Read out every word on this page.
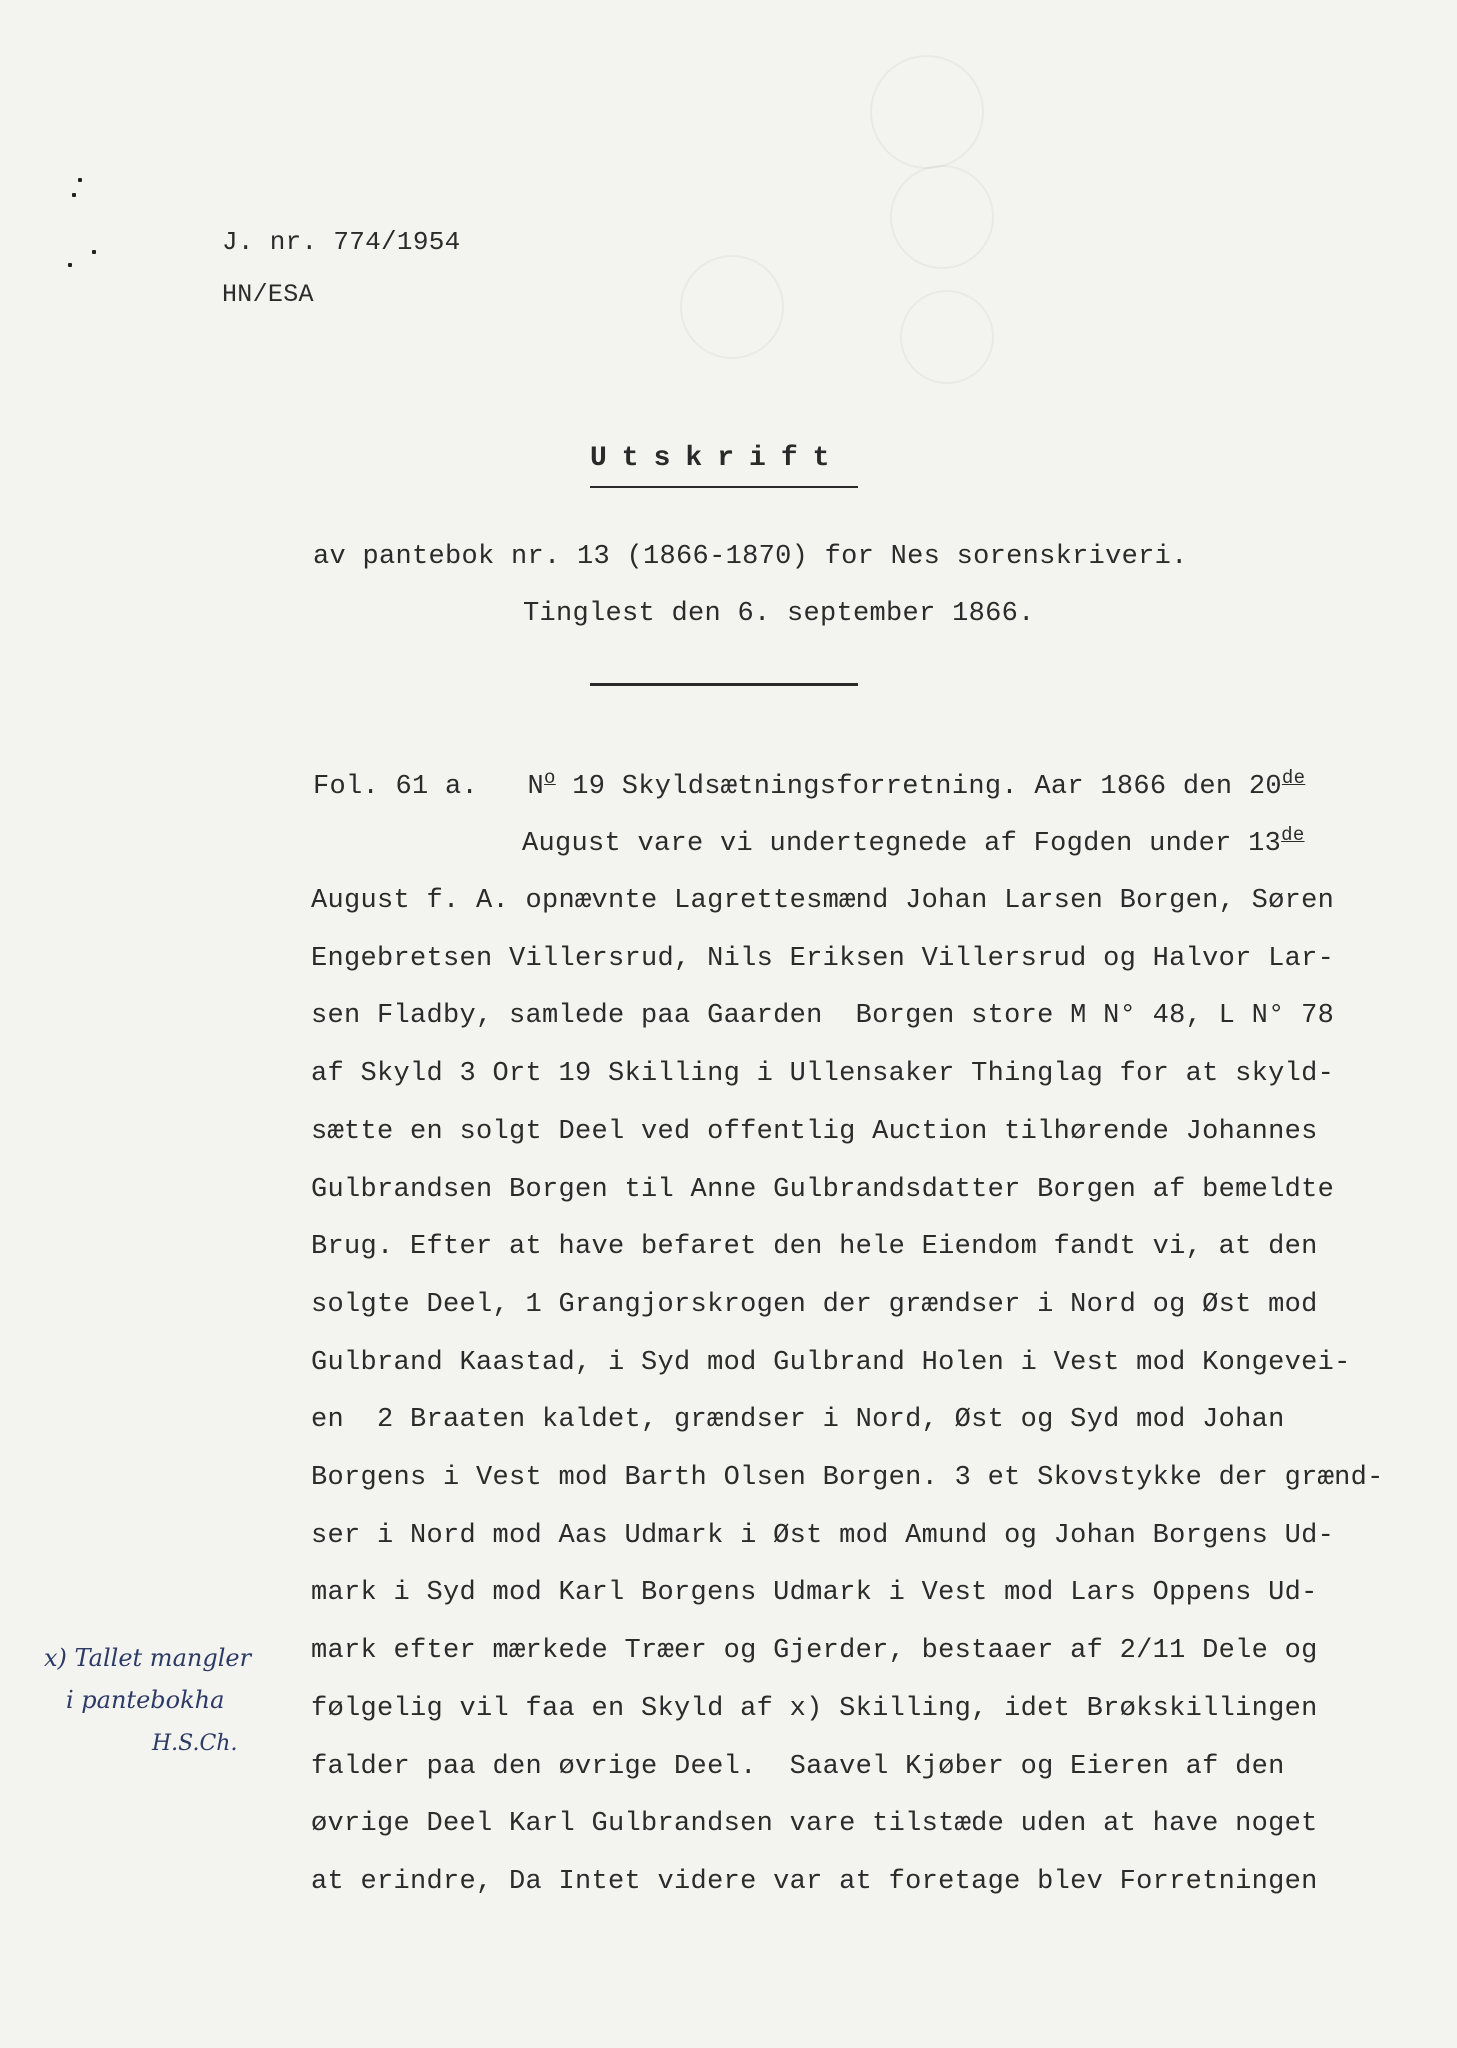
J. nr. 774/1954
HN/ESA
Utskrift
av pantebok nr. 13 (1866-1870) for Nes sorenskriveri.
Tinglest den 6. september 1866.
Fol. 61 a.   $N^o$ 19 Skyldsætningsforretning. Aar 1866 den 20de
August vare vi undertegnede af Fogden under 13de
August f. A. opnævnte Lagrettesmænd Johan Larsen Borgen, Søren
Engebretsen Villersrud, Nils Eriksen Villersrud og Halvor Lar-
sen Fladby, samlede paa Gaarden  Borgen store M N° 48, L N° 78
af Skyld 3 Ort 19 Skilling i Ullensaker Thinglag for at skyld-
sætte en solgt Deel ved offentlig Auction tilhørende Johannes
Gulbrandsen Borgen til Anne Gulbrandsdatter Borgen af bemeldte
Brug. Efter at have befaret den hele Eiendom fandt vi, at den
solgte Deel, 1 Grangjorskrogen der grændser i Nord og Øst mod
Gulbrand Kaastad, i Syd mod Gulbrand Holen i Vest mod Kongevei-
en  2 Braaten kaldet, grændser i Nord, Øst og Syd mod Johan
Borgens i Vest mod Barth Olsen Borgen. 3 et Skovstykke der grænd-
ser i Nord mod Aas Udmark i Øst mod Amund og Johan Borgens Ud-
mark i Syd mod Karl Borgens Udmark i Vest mod Lars Oppens Ud-
mark efter mærkede Træer og Gjerder, bestaaer af 2/11 Dele og
følgelig vil faa en Skyld af x) Skilling, idet Brøkskillingen
falder paa den øvrige Deel.  Saavel Kjøber og Eieren af den
øvrige Deel Karl Gulbrandsen vare tilstæde uden at have noget
at erindre, Da Intet videre var at foretage blev Forretningen
x) Tallet mangler
i pantebokha
H.S.Ch.
